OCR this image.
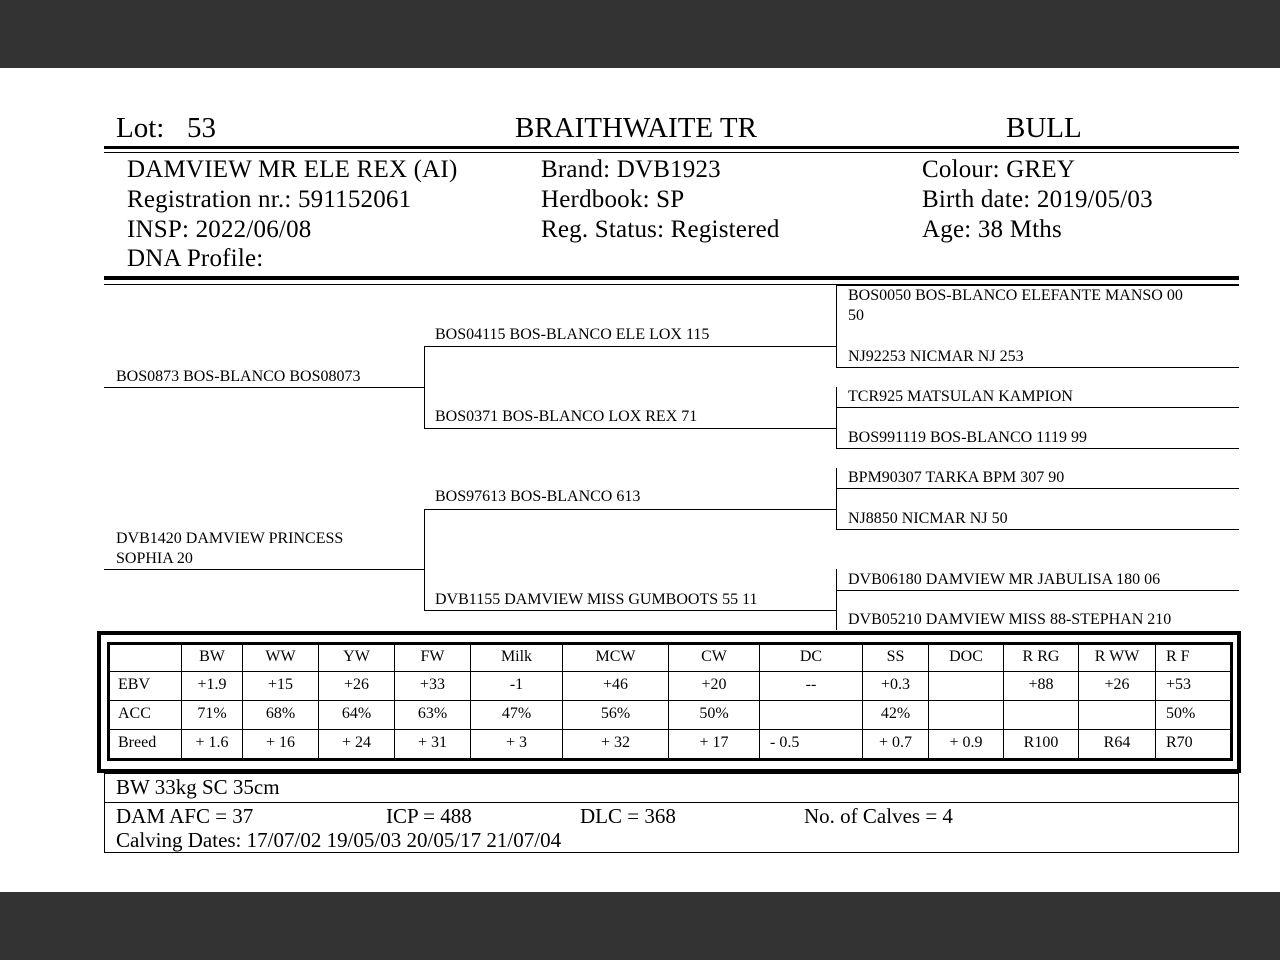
Lot: 53	BRAITHWAITE TR	BULL
DAMVIEW MR ELE REX (AI)
Registration nr.: 591152061
INSP: 2022/06/08
DNA Profile:
Brand: DVB1923
Herdbook: SP
Reg. Status: Registered
Colour: GREY
Birth date: 2019/05/03
Age: 38 Mths
BOS0873 BOS-BLANCO BOS08073
DVB1420 DAMVIEW PRINCESS
SOPHIA 20
BOS04115 BOS-BLANCO ELE LOX 115
BOS0371 BOS-BLANCO LOX REX 71
BOS97613 BOS-BLANCO 613
DVB1155 DAMVIEW MISS GUMBOOTS 55 11
BOS0050 BOS-BLANCO ELEFANTE MANSO 00
50
NJ92253 NICMAR NJ 253
TCR925 MATSULAN KAMPION
BOS991119 BOS-BLANCO 1119 99
BPM90307 TARKA BPM 307 90
NJ8850 NICMAR NJ 50
DVB06180 DAMVIEW MR JABULISA 180 06
DVB05210 DAMVIEW MISS 88-STEPHAN 210
	BW	WW	YW	FW	Milk	MCW	CW	DC	SS	DOC	R RG	R WW	R F
EBV	+1.9	+15	+26	+33	-1	+46	+20	--	+0.3		+88	+26	+53
ACC	71%	68%	64%	63%	47%	56%	50%		42%				50%
Breed	+ 1.6	+ 16	+ 24	+ 31	+ 3	+ 32	+ 17	- 0.5	+ 0.7	+ 0.9	R100	R64	R70
BW 33kg SC 35cm
DAM AFC = 37	ICP = 488	DLC = 368	No. of Calves = 4
Calving Dates: 17/07/02 19/05/03 20/05/17 21/07/04
